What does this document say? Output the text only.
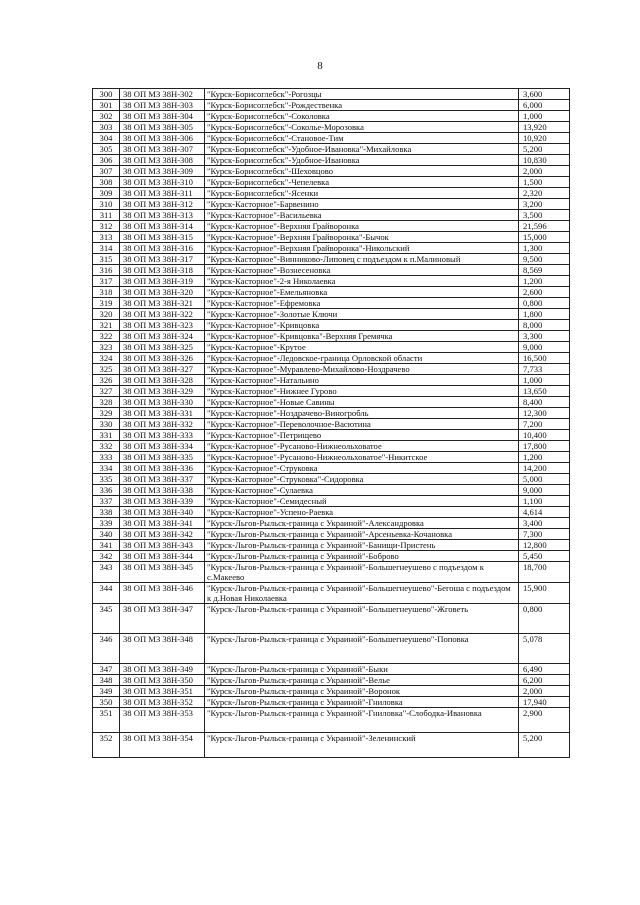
8
300	38 ОП МЗ 38Н-302	"Курск-Борисоглебск"-Рогозцы	3,600
301	38 ОП МЗ 38Н-303	"Курск-Борисоглебск"-Рождественка	6,000
302	38 ОП МЗ 38Н-304	"Курск-Борисоглебск"-Соколовка	1,000
303	38 ОП МЗ 38Н-305	"Курск-Борисоглебск"-Соколье-Морозовка	13,920
304	38 ОП МЗ 38Н-306	"Курск-Борисоглебск"-Становое-Тим	10,920
305	38 ОП МЗ 38Н-307	"Курск-Борисоглебск"-Удобное-Ивановка"-Михайловка	5,200
306	38 ОП МЗ 38Н-308	"Курск-Борисоглебск"-Удобное-Ивановка	10,830
307	38 ОП МЗ 38Н-309	"Курск-Борисоглебск"-Шеховцово	2,000
308	38 ОП МЗ 38Н-310	"Курск-Борисоглебск"-Чепелевка	1,500
309	38 ОП МЗ 38Н-311	"Курск-Борисоглебск"-Ясенки	2,320
310	38 ОП МЗ 38Н-312	"Курск-Касторное"-Барвенино	3,200
311	38 ОП МЗ 38Н-313	"Курск-Касторное"-Васильевка	3,500
312	38 ОП МЗ 38Н-314	"Курск-Касторное"-Верхняя Грайворонка	21,596
313	38 ОП МЗ 38Н-315	"Курск-Касторное"-Верхняя Грайворонка"-Бычок	15,000
314	38 ОП МЗ 38Н-316	"Курск-Касторное"-Верхняя Грайворонка"-Никольский	1,300
315	38 ОП МЗ 38Н-317	"Курск-Касторное"-Винниково-Липовец с подъездом к п.Малиновый	9,500
316	38 ОП МЗ 38Н-318	"Курск-Касторное"-Вознесеновка	8,569
317	38 ОП МЗ 38Н-319	"Курск-Касторное"-2-я Николаевка	1,200
318	38 ОП МЗ 38Н-320	"Курск-Касторное"-Емельяновка	2,600
319	38 ОП МЗ 38Н-321	"Курск-Касторное"-Ефремовка	0,800
320	38 ОП МЗ 38Н-322	"Курск-Касторное"-Золотые Ключи	1,800
321	38 ОП МЗ 38Н-323	"Курск-Касторное"-Кривцовка	8,000
322	38 ОП МЗ 38Н-324	"Курск-Касторное"-Кривцовка"-Верхняя Гремячка	3,300
323	38 ОП МЗ 38Н-325	"Курск-Касторное"-Крутое	9,000
324	38 ОП МЗ 38Н-326	"Курск-Касторное"-Ледовское-граница Орловской области	16,500
325	38 ОП МЗ 38Н-327	"Курск-Касторное"-Муравлево-Михайлово-Ноздрачево	7,733
326	38 ОП МЗ 38Н-328	"Курск-Касторное"-Натальино	1,000
327	38 ОП МЗ 38Н-329	"Курск-Касторное"-Нижнее Гурово	13,650
328	38 ОП МЗ 38Н-330	"Курск-Касторное"-Новые Савины	8,400
329	38 ОП МЗ 38Н-331	"Курск-Касторное"-Ноздрачево-Виногробль	12,300
330	38 ОП МЗ 38Н-332	"Курск-Касторное"-Переволочное-Васютина	7,200
331	38 ОП МЗ 38Н-333	"Курск-Касторное"-Петрищево	10,400
332	38 ОП МЗ 38Н-334	"Курск-Касторное"-Русаново-Нижнеольховатое	17,800
333	38 ОП МЗ 38Н-335	"Курск-Касторное"-Русаново-Нижнеольховатое"-Никитское	1,200
334	38 ОП МЗ 38Н-336	"Курск-Касторное"-Струковка	14,200
335	38 ОП МЗ 38Н-337	"Курск-Касторное"-Струковка"-Сидоровка	5,000
336	38 ОП МЗ 38Н-338	"Курск-Касторное"-Сулаевка	9,000
337	38 ОП МЗ 38Н-339	"Курск-Касторное"-Семидесный	1,100
338	38 ОП МЗ 38Н-340	"Курск-Касторное"-Успено-Раевка	4,614
339	38 ОП МЗ 38Н-341	"Курск-Льгов-Рыльск-граница с Украиной"-Александровка	3,400
340	38 ОП МЗ 38Н-342	"Курск-Льгов-Рыльск-граница с Украиной"-Арсеньевка-Кочановка	7,300
341	38 ОП МЗ 38Н-343	"Курск-Льгов-Рыльск-граница с Украиной"-Банищи-Пристень	12,800
342	38 ОП МЗ 38Н-344	"Курск-Льгов-Рыльск-граница с Украиной"-Боброво	5,450
343	38 ОП МЗ 38Н-345	"Курск-Льгов-Рыльск-граница с Украиной"-Большегнеушево с подъездом к с.Макеево	18,700
344	38 ОП МЗ 38Н-346	"Курск-Льгов-Рыльск-граница с Украиной"-Большегнеушево"-Бегоша с подъездом к д.Новая Николаевка	15,900
345	38 ОП МЗ 38Н-347	"Курск-Льгов-Рыльск-граница с Украиной"-Большегнеушево"-Жговеть	0,800
346	38 ОП МЗ 38Н-348	"Курск-Льгов-Рыльск-граница с Украиной"-Большегнеушево"-Поповка	5,078
347	38 ОП МЗ 38Н-349	"Курск-Льгов-Рыльск-граница с Украиной"-Быки	6,490
348	38 ОП МЗ 38Н-350	"Курск-Льгов-Рыльск-граница с Украиной"-Велье	6,200
349	38 ОП МЗ 38Н-351	"Курск-Льгов-Рыльск-граница с Украиной"-Воронок	2,000
350	38 ОП МЗ 38Н-352	"Курск-Льгов-Рыльск-граница с Украиной"-Гниловка	17,940
351	38 ОП МЗ 38Н-353	"Курск-Льгов-Рыльск-граница с Украиной"-Гниловка"-Слободка-Ивановка	2,900
352	38 ОП МЗ 38Н-354	"Курск-Льгов-Рыльск-граница с Украиной"-Зеленинский	5,200
